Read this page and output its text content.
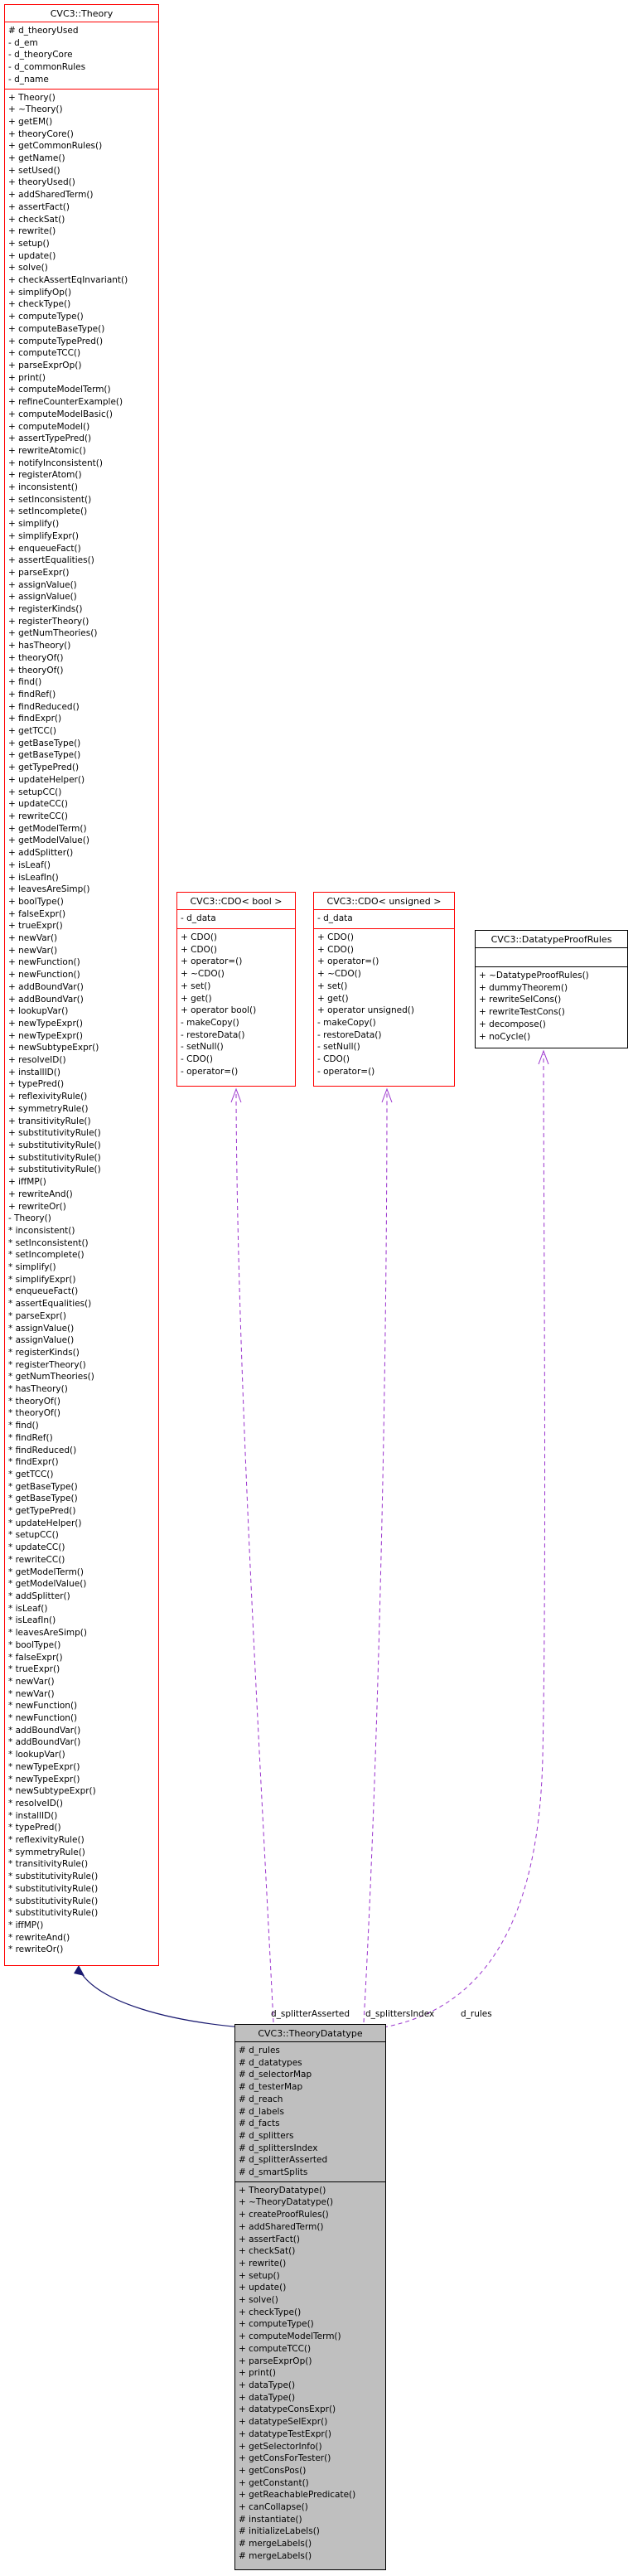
CVC3::Theory
# d_theoryUsed
- d_em
- d_theoryCore
- d_commonRules
- d_name
+ Theory()
+ ~Theory()
+ getEM()
+ theoryCore()
+ getCommonRules()
+ getName()
+ setUsed()
+ theoryUsed()
+ addSharedTerm()
+ assertFact()
+ checkSat()
+ rewrite()
+ setup()
+ update()
+ solve()
+ checkAssertEqInvariant()
+ simplifyOp()
+ checkType()
+ computeType()
+ computeBaseType()
+ computeTypePred()
+ computeTCC()
+ parseExprOp()
+ print()
+ computeModelTerm()
+ refineCounterExample()
+ computeModelBasic()
+ computeModel()
+ assertTypePred()
+ rewriteAtomic()
+ notifyInconsistent()
+ registerAtom()
+ inconsistent()
+ setInconsistent()
+ setIncomplete()
+ simplify()
+ simplifyExpr()
+ enqueueFact()
+ assertEqualities()
+ parseExpr()
+ assignValue()
+ assignValue()
+ registerKinds()
+ registerTheory()
+ getNumTheories()
+ hasTheory()
+ theoryOf()
+ theoryOf()
+ find()
+ findRef()
+ findReduced()
+ findExpr()
+ getTCC()
+ getBaseType()
+ getBaseType()
+ getTypePred()
+ updateHelper()
+ setupCC()
+ updateCC()
+ rewriteCC()
+ getModelTerm()
+ getModelValue()
+ addSplitter()
+ isLeaf()
+ isLeafIn()
+ leavesAreSimp()
+ boolType()
+ falseExpr()
+ trueExpr()
+ newVar()
+ newVar()
+ newFunction()
+ newFunction()
+ addBoundVar()
+ addBoundVar()
+ lookupVar()
+ newTypeExpr()
+ newTypeExpr()
+ newSubtypeExpr()
+ resolveID()
+ installID()
+ typePred()
+ reflexivityRule()
+ symmetryRule()
+ transitivityRule()
+ substitutivityRule()
+ substitutivityRule()
+ substitutivityRule()
+ substitutivityRule()
+ iffMP()
+ rewriteAnd()
+ rewriteOr()
- Theory()
* inconsistent()
* setInconsistent()
* setIncomplete()
* simplify()
* simplifyExpr()
* enqueueFact()
* assertEqualities()
* parseExpr()
* assignValue()
* assignValue()
* registerKinds()
* registerTheory()
* getNumTheories()
* hasTheory()
* theoryOf()
* theoryOf()
* find()
* findRef()
* findReduced()
* findExpr()
* getTCC()
* getBaseType()
* getBaseType()
* getTypePred()
* updateHelper()
* setupCC()
* updateCC()
* rewriteCC()
* getModelTerm()
* getModelValue()
* addSplitter()
* isLeaf()
* isLeafIn()
* leavesAreSimp()
* boolType()
* falseExpr()
* trueExpr()
* newVar()
* newVar()
* newFunction()
* newFunction()
* addBoundVar()
* addBoundVar()
* lookupVar()
* newTypeExpr()
* newTypeExpr()
* newSubtypeExpr()
* resolveID()
* installID()
* typePred()
* reflexivityRule()
* symmetryRule()
* transitivityRule()
* substitutivityRule()
* substitutivityRule()
* substitutivityRule()
* substitutivityRule()
* iffMP()
* rewriteAnd()
* rewriteOr()
CVC3::CDO< bool >
- d_data
+ CDO()
+ CDO()
+ operator=()
+ ~CDO()
+ set()
+ get()
+ operator bool()
- makeCopy()
- restoreData()
- setNull()
- CDO()
- operator=()
CVC3::CDO< unsigned >
- d_data
+ CDO()
+ CDO()
+ operator=()
+ ~CDO()
+ set()
+ get()
+ operator unsigned()
- makeCopy()
- restoreData()
- setNull()
- CDO()
- operator=()
CVC3::DatatypeProofRules
+ ~DatatypeProofRules()
+ dummyTheorem()
+ rewriteSelCons()
+ rewriteTestCons()
+ decompose()
+ noCycle()
CVC3::TheoryDatatype
# d_rules
# d_datatypes
# d_selectorMap
# d_testerMap
# d_reach
# d_labels
# d_facts
# d_splitters
# d_splittersIndex
# d_splitterAsserted
# d_smartSplits
+ TheoryDatatype()
+ ~TheoryDatatype()
+ createProofRules()
+ addSharedTerm()
+ assertFact()
+ checkSat()
+ rewrite()
+ setup()
+ update()
+ solve()
+ checkType()
+ computeType()
+ computeModelTerm()
+ computeTCC()
+ parseExprOp()
+ print()
+ dataType()
+ dataType()
+ datatypeConsExpr()
+ datatypeSelExpr()
+ datatypeTestExpr()
+ getSelectorInfo()
+ getConsForTester()
+ getConsPos()
+ getConstant()
+ getReachablePredicate()
+ canCollapse()
# instantiate()
# initializeLabels()
# mergeLabels()
# mergeLabels()
d_splitterAsserted d_splittersIndex	d_rules
